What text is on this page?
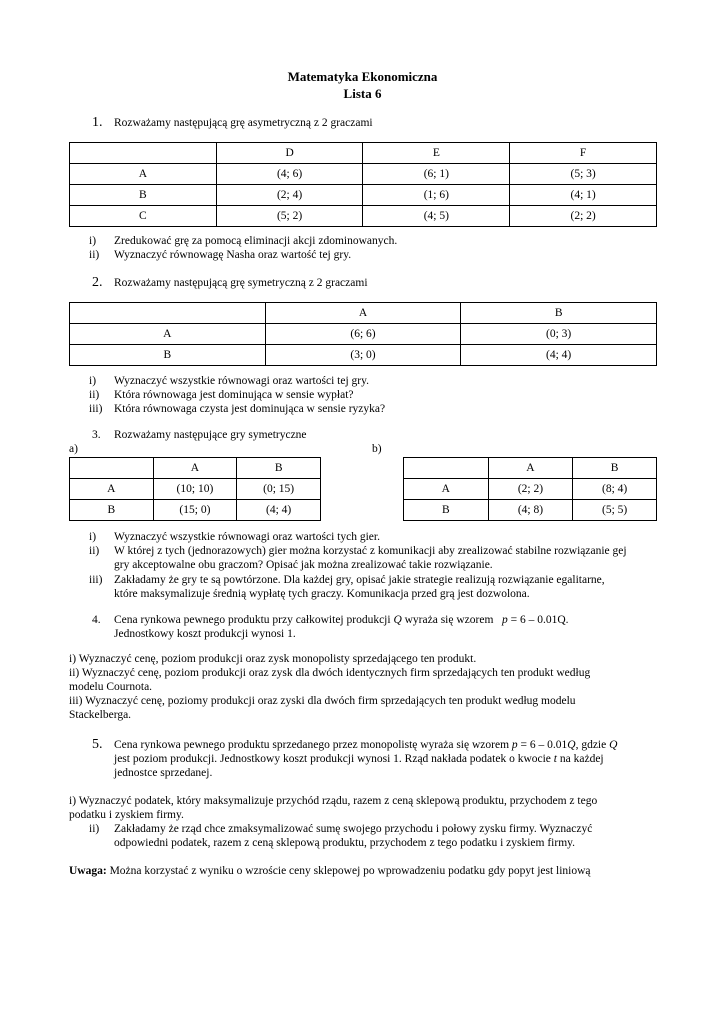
Matematyka Ekonomiczna
Lista 6
1. Rozważamy następującą grę asymetryczną z 2 graczami
	D	E	F
A	(4; 6)	(6; 1)	(5; 3)
B	(2; 4)	(1; 6)	(4; 1)
C	(5; 2)	(4; 5)	(2; 2)
i)	Zredukować grę za pomocą eliminacji akcji zdominowanych.
ii)	Wyznaczyć równowagę Nasha oraz wartość tej gry.
2. Rozważamy następującą grę symetryczną z 2 graczami
	A	B
A	(6; 6)	(0; 3)
B	(3; 0)	(4; 4)
i)	Wyznaczyć wszystkie równowagi oraz wartości tej gry.
ii)	Która równowaga jest dominująca w sensie wypłat?
iii)	Która równowaga czysta jest dominująca w sensie ryzyka?
3. Rozważamy następujące gry symetryczne
a)	b)
	A	B
A	(10; 10)	(0; 15)
B	(15; 0)	(4; 4)
	A	B
A	(2; 2)	(8; 4)
B	(4; 8)	(5; 5)
i)	Wyznaczyć wszystkie równowagi oraz wartości tych gier.
ii)	W której z tych (jednorazowych) gier można korzystać z komunikacji aby zrealizować stabilne rozwiązanie gej
gry akceptowalne obu graczom? Opisać jak można zrealizować takie rozwiązanie.
iii)	Zakładamy że gry te są powtórzone. Dla każdej gry, opisać jakie strategie realizują rozwiązanie egalitarne,
które maksymalizuje średnią wypłatę tych graczy. Komunikacja przed grą jest dozwolona.
4. Cena rynkowa pewnego produktu przy całkowitej produkcji Q wyraża się wzorem p = 6 – 0.01Q.
Jednostkowy koszt produkcji wynosi 1.
i) Wyznaczyć cenę, poziom produkcji oraz zysk monopolisty sprzedającego ten produkt.
ii) Wyznaczyć cenę, poziom produkcji oraz zysk dla dwóch identycznych firm sprzedających ten produkt według
modelu Cournota.
iii) Wyznaczyć cenę, poziomy produkcji oraz zyski dla dwóch firm sprzedających ten produkt według modelu
Stackelberga.
5. Cena rynkowa pewnego produktu sprzedanego przez monopolistę wyraża się wzorem p = 6 – 0.01Q, gdzie Q
jest poziom produkcji. Jednostkowy koszt produkcji wynosi 1. Rząd nakłada podatek o kwocie t na każdej
jednostce sprzedanej.
i) Wyznaczyć podatek, który maksymalizuje przychód rządu, razem z ceną sklepową produktu, przychodem z tego
podatku i zyskiem firmy.
ii) Zakładamy że rząd chce zmaksymalizować sumę swojego przychodu i połowy zysku firmy. Wyznaczyć
odpowiedni podatek, razem z ceną sklepową produktu, przychodem z tego podatku i zyskiem firmy.
Uwaga: Można korzystać z wyniku o wzroście ceny sklepowej po wprowadzeniu podatku gdy popyt jest liniową
